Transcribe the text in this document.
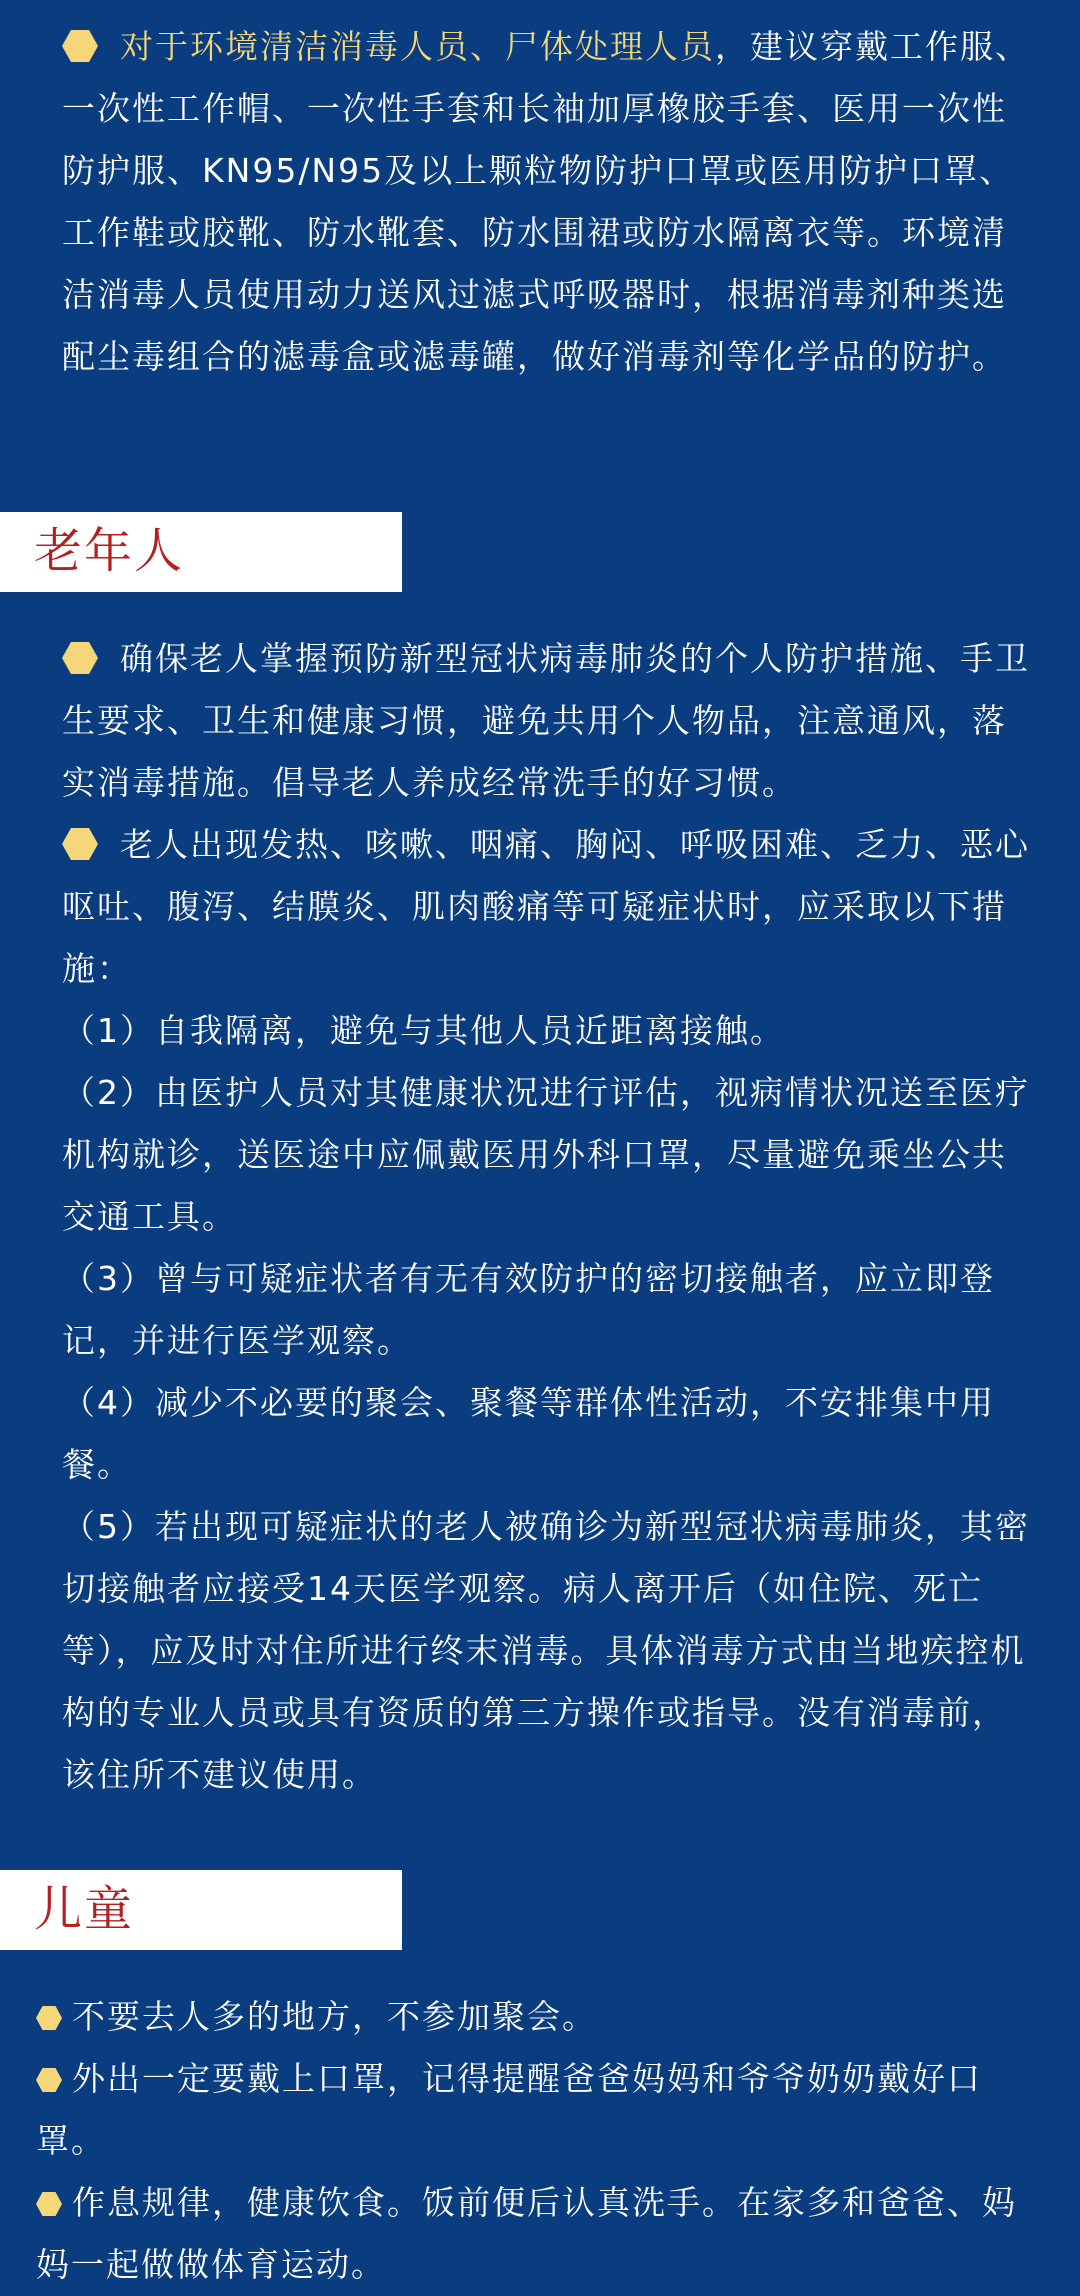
对于环境清洁消毒人员、尸体处理人员，建议穿戴工作服、一次性工作帽、一次性手套和长袖加厚橡胶手套、医用一次性防护服、KN95/N95及以上颗粒物防护口罩或医用防护口罩、工作鞋或胶靴、防水靴套、防水围裙或防水隔离衣等。环境清洁消毒人员使用动力送风过滤式呼吸器时，根据消毒剂种类选配尘毒组合的滤毒盒或滤毒罐，做好消毒剂等化学品的防护。

老年人

确保老人掌握预防新型冠状病毒肺炎的个人防护措施、手卫生要求、卫生和健康习惯，避免共用个人物品，注意通风，落实消毒措施。倡导老人养成经常洗手的好习惯。

老人出现发热、咳嗽、咽痛、胸闷、呼吸困难、乏力、恶心呕吐、腹泻、结膜炎、肌肉酸痛等可疑症状时，应采取以下措施：

（1）自我隔离，避免与其他人员近距离接触。

（2）由医护人员对其健康状况进行评估，视病情状况送至医疗机构就诊，送医途中应佩戴医用外科口罩，尽量避免乘坐公共交通工具。

（3）曾与可疑症状者有无有效防护的密切接触者，应立即登记，并进行医学观察。

（4）减少不必要的聚会、聚餐等群体性活动，不安排集中用餐。

（5）若出现可疑症状的老人被确诊为新型冠状病毒肺炎，其密切接触者应接受14天医学观察。病人离开后（如住院、死亡等），应及时对住所进行终末消毒。具体消毒方式由当地疾控机构的专业人员或具有资质的第三方操作或指导。没有消毒前，该住所不建议使用。

儿童

不要去人多的地方，不参加聚会。

外出一定要戴上口罩，记得提醒爸爸妈妈和爷爷奶奶戴好口罩。

作息规律，健康饮食。饭前便后认真洗手。在家多和爸爸、妈妈一起做做体育运动。
